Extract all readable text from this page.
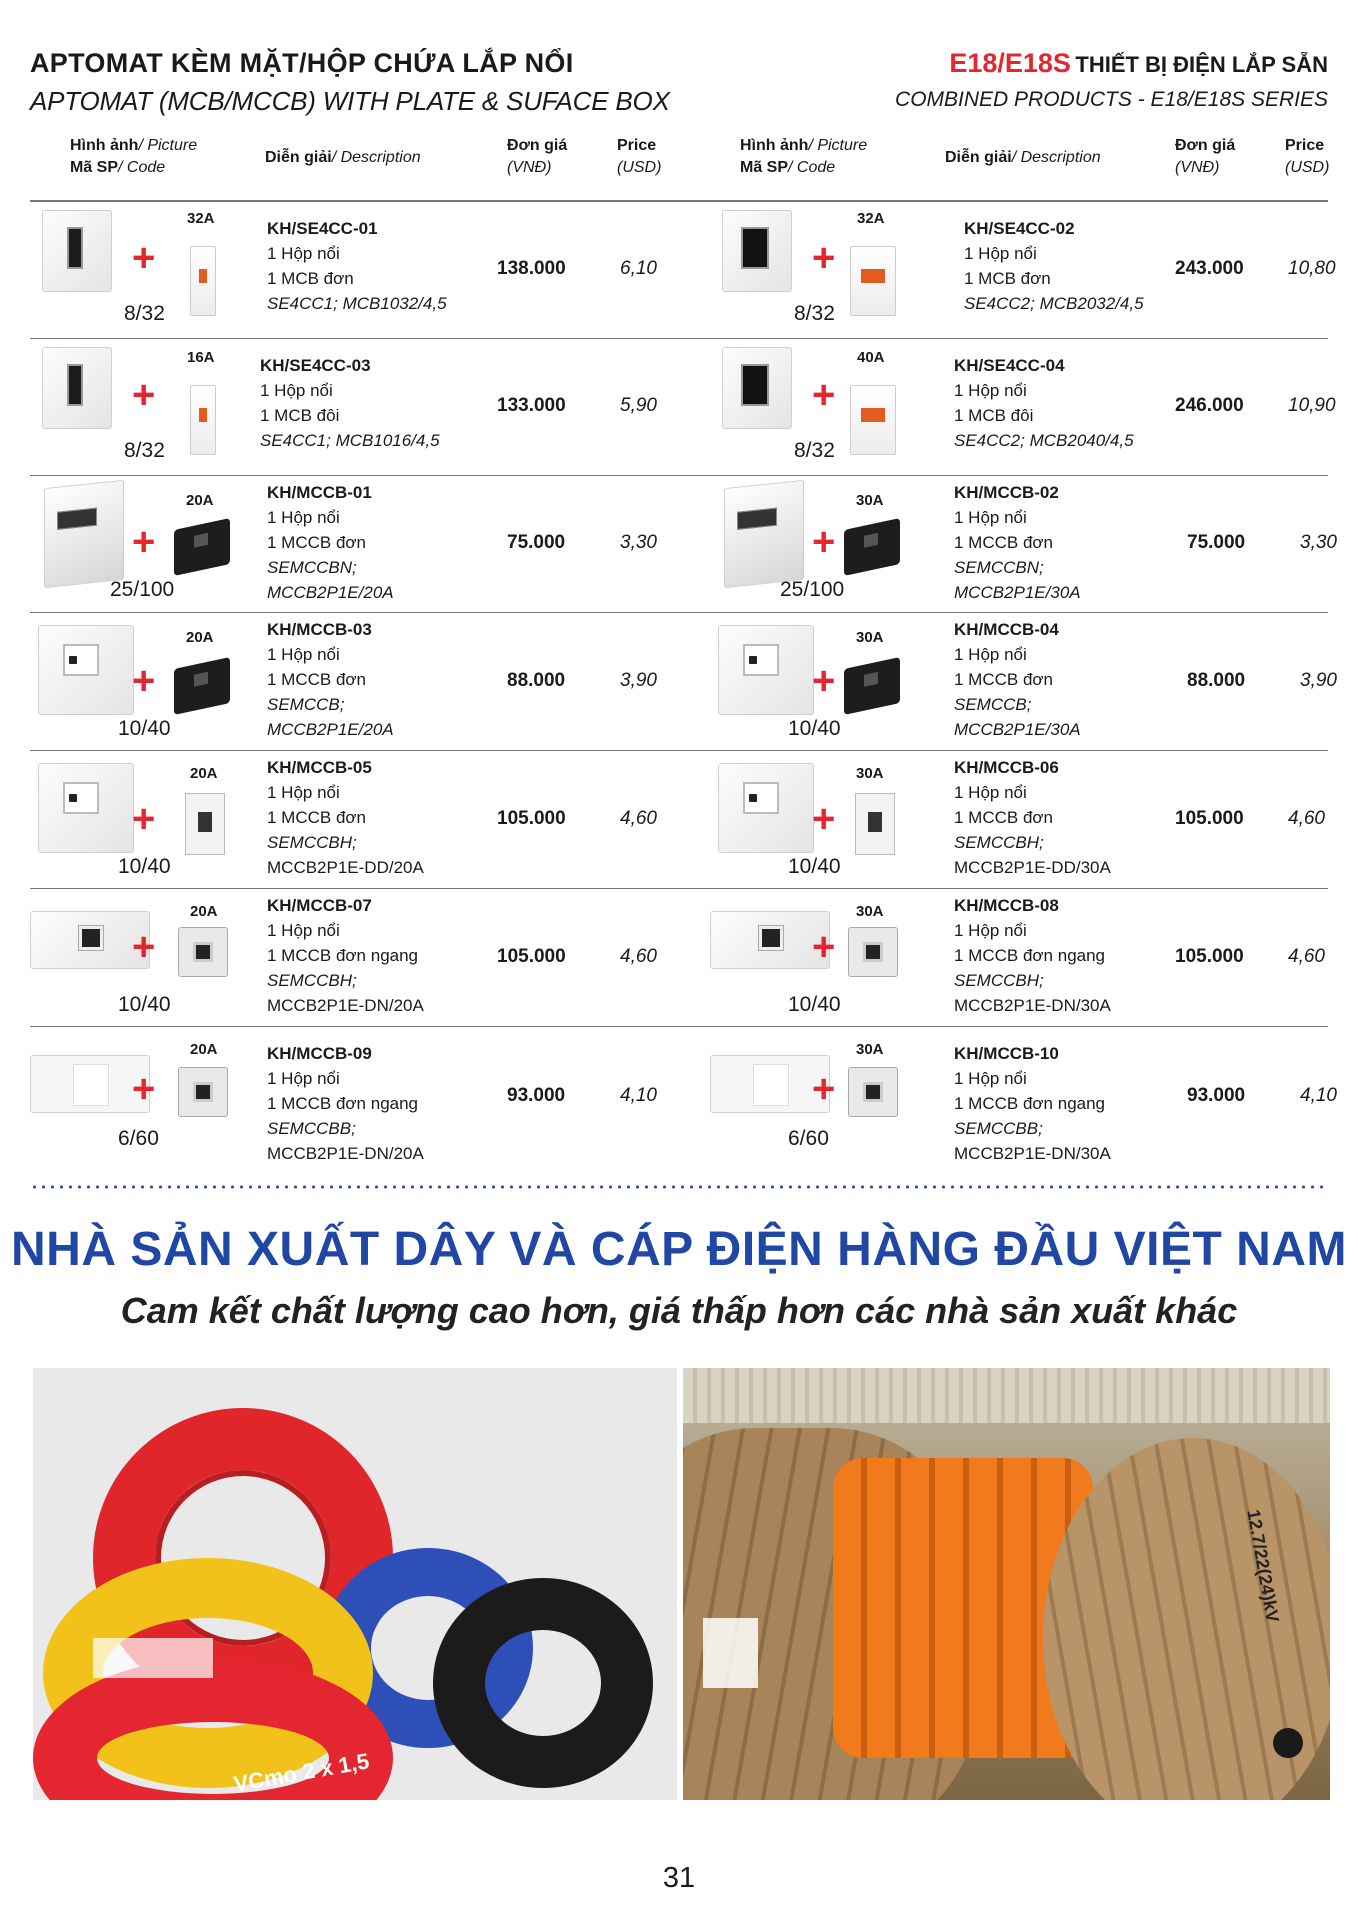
APTOMAT KÈM MẶT/HỘP CHỨA LẮP NỔI
APTOMAT (MCB/MCCB) WITH PLATE & SUFACE BOX
E18/E18S THIẾT BỊ ĐIỆN LẮP SẴN
COMBINED PRODUCTS - E18/E18S SERIES
Hình ảnh/ Picture
Mã SP/ Code
Diễn giải/ Description
Đơn giá
(VNĐ)
Price
(USD)
Hình ảnh/ Picture
Mã SP/ Code
Diễn giải/ Description
Đơn giá
(VNĐ)
Price
(USD)
+
32A
8/32
KH/SE4CC-01
1 Hộp nổi
1 MCB đơn
SE4CC1; MCB1032/4,5
138.000	6,10	+
32A
8/32
KH/SE4CC-02
1 Hộp nổi
1 MCB đơn
SE4CC2; MCB2032/4,5
243.000 10,80
+
16A
8/32
KH/SE4CC-03
1 Hộp nổi
1 MCB đôi
SE4CC1; MCB1016/4,5
133.000	5,90	+
40A
8/32
KH/SE4CC-04
1 Hộp nổi
1 MCB đôi
SE4CC2; MCB2040/4,5
246.000 10,90
+
20A
25/100
KH/MCCB-01
1 Hộp nổi
1 MCCB đơn
SEMCCBN;
MCCB2P1E/20A
75.000	3,30	+
30A
25/100
KH/MCCB-02
1 Hộp nổi
1 MCCB đơn
SEMCCBN;
MCCB2P1E/30A
75.000	3,30
+
20A
10/40
KH/MCCB-03
1 Hộp nổi
1 MCCB đơn
SEMCCB;
MCCB2P1E/20A
88.000	3,90	+
30A
10/40
KH/MCCB-04
1 Hộp nổi
1 MCCB đơn
SEMCCB;
MCCB2P1E/30A
88.000	3,90
+
20A
10/40
KH/MCCB-05
1 Hộp nổi
1 MCCB đơn
SEMCCBH;
MCCB2P1E-DD/20A
105.000	4,60	+
30A
10/40
KH/MCCB-06
1 Hộp nổi
1 MCCB đơn
SEMCCBH;
MCCB2P1E-DD/30A
105.000 4,60
+
20A
10/40
KH/MCCB-07
1 Hộp nổi
1 MCCB đơn ngang
SEMCCBH;
MCCB2P1E-DN/20A
105.000	4,60	+
30A
10/40
KH/MCCB-08
1 Hộp nổi
1 MCCB đơn ngang
SEMCCBH;
MCCB2P1E-DN/30A
105.000 4,60
+
20A
6/60
KH/MCCB-09
1 Hộp nổi
1 MCCB đơn ngang
SEMCCBB;
MCCB2P1E-DN/20A
93.000	4,10	+
30A
6/60
KH/MCCB-10
1 Hộp nổi
1 MCCB đơn ngang
SEMCCBB;
MCCB2P1E-DN/30A
93.000	4,10
NHÀ SẢN XUẤT DÂY VÀ CÁP ĐIỆN HÀNG ĐẦU VIỆT NAM
Cam kết chất lượng cao hơn, giá thấp hơn các nhà sản xuất khác
VCmo 2 x 1,5
12.7/22(24)kV
31
